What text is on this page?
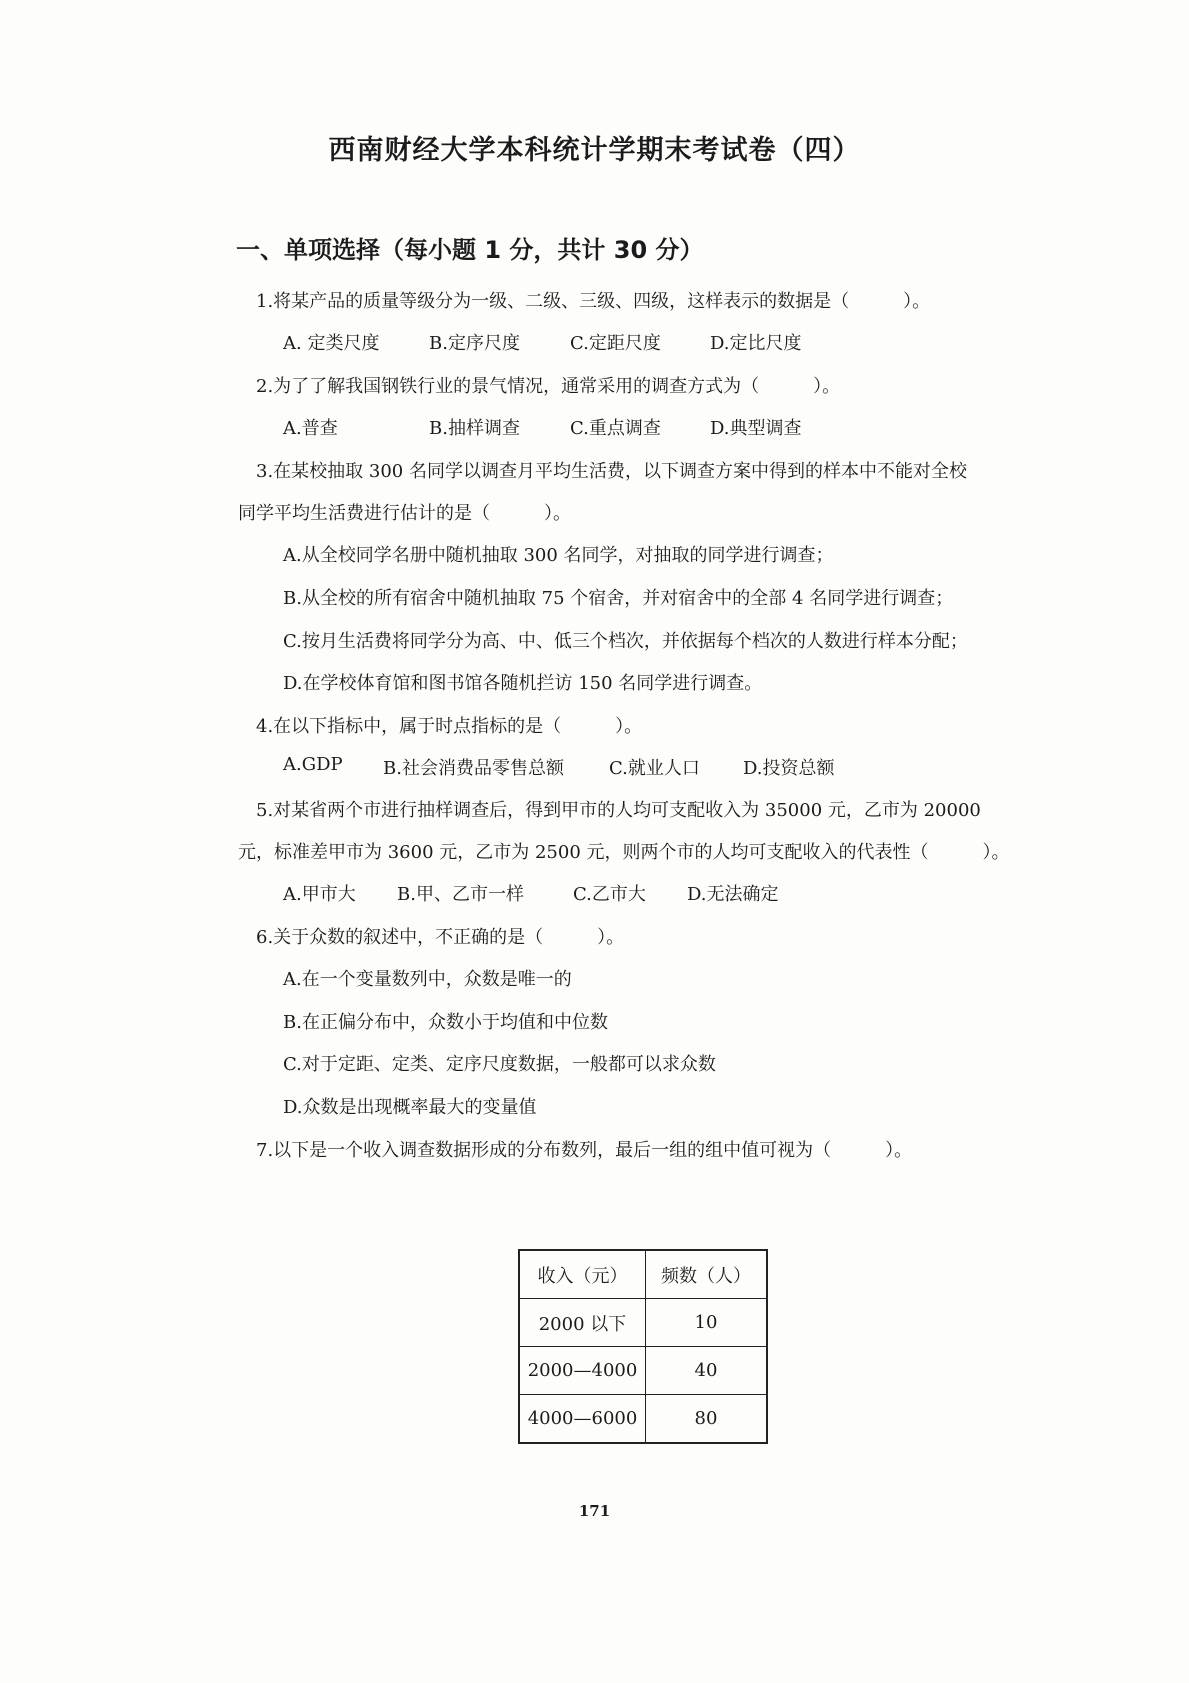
西南财经大学本科统计学期末考试卷（四）
一、单项选择（每小题 1 分，共计 30 分）
1.将某产品的质量等级分为一级、二级、三级、四级，这样表示的数据是（　　　）。
A. 定类尺度	B.定序尺度	C.定距尺度	D.定比尺度
2.为了了解我国钢铁行业的景气情况，通常采用的调查方式为（　　　）。
A.普查	B.抽样调查	C.重点调查	D.典型调查
3.在某校抽取 300 名同学以调查月平均生活费，以下调查方案中得到的样本中不能对全校
同学平均生活费进行估计的是（　　　）。
A.从全校同学名册中随机抽取 300 名同学，对抽取的同学进行调查；
B.从全校的所有宿舍中随机抽取 75 个宿舍，并对宿舍中的全部 4 名同学进行调查；
C.按月生活费将同学分为高、中、低三个档次，并依据每个档次的人数进行样本分配；
D.在学校体育馆和图书馆各随机拦访 150 名同学进行调查。
4.在以下指标中，属于时点指标的是（　　　）。
A.GDP B.社会消费品零售总额	C.就业人口 D.投资总额
5.对某省两个市进行抽样调查后，得到甲市的人均可支配收入为 35000 元，乙市为 20000
元，标准差甲市为 3600 元，乙市为 2500 元，则两个市的人均可支配收入的代表性（　　　）。
A.甲市大 B.甲、乙市一样	C.乙市大 D.无法确定
6.关于众数的叙述中，不正确的是（　　　）。
A.在一个变量数列中，众数是唯一的
B.在正偏分布中，众数小于均值和中位数
C.对于定距、定类、定序尺度数据，一般都可以求众数
D.众数是出现概率最大的变量值
7.以下是一个收入调查数据形成的分布数列，最后一组的组中值可视为（　　　）。
收入（元）	频数（人）
2000 以下	10
2000—4000	40
4000—6000	80
171
